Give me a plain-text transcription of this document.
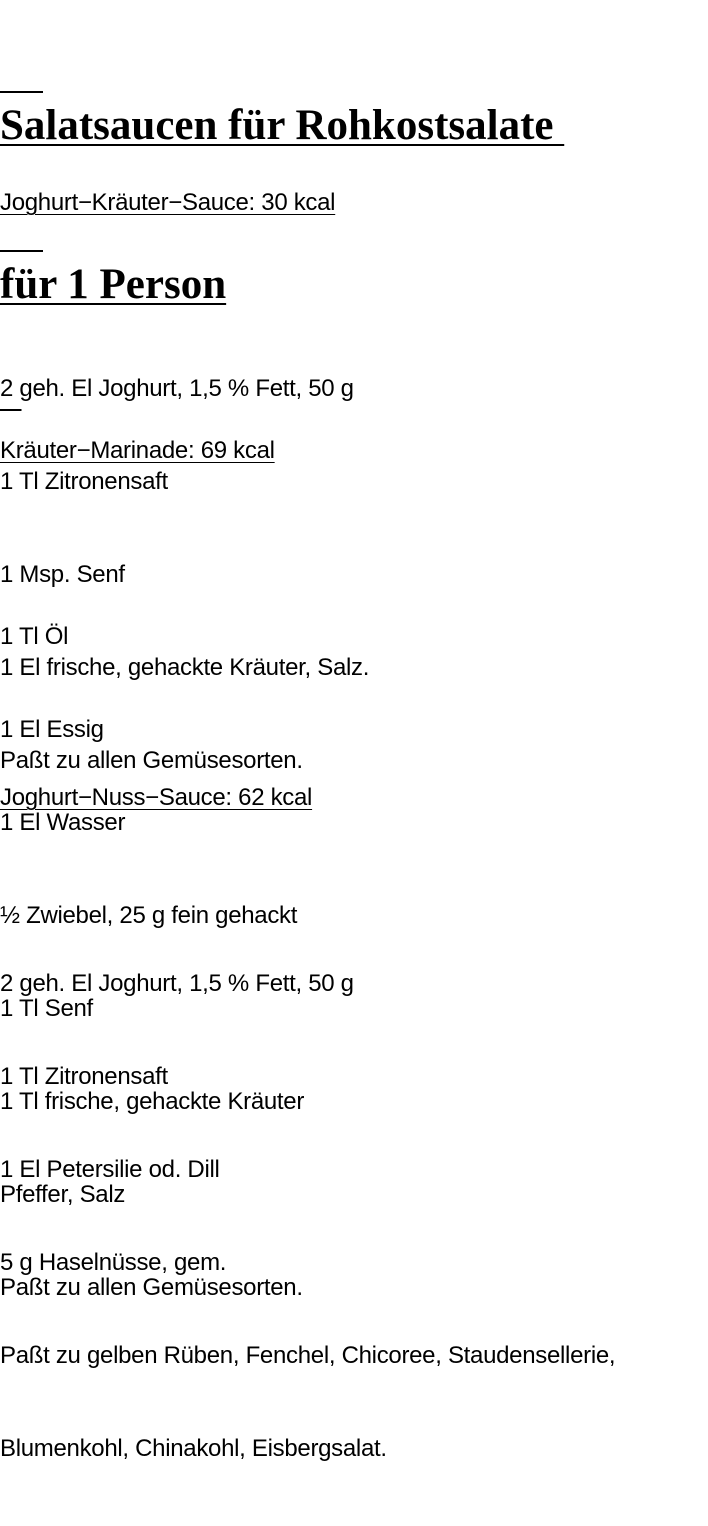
Salatsaucen für Rohkostsalate

für 1 Person

Joghurt−Kräuter−Sauce: 30 kcal

2 geh. El Joghurt, 1,5 % Fett, 50 g

1 Tl Zitronensaft

1 Msp. Senf

1 El frische, gehackte Kräuter, Salz.

Paßt zu allen Gemüsesorten.

Kräuter−Marinade: 69 kcal

1 Tl Öl

1 El Essig

1 El Wasser

½ Zwiebel, 25 g fein gehackt

1 Tl Senf

1 Tl frische, gehackte Kräuter

Pfeffer, Salz

Paßt zu allen Gemüsesorten.

Joghurt−Nuss−Sauce: 62 kcal

2 geh. El Joghurt, 1,5 % Fett, 50 g

1 Tl Zitronensaft

1 El Petersilie od. Dill

5 g Haselnüsse, gem.

Paßt zu gelben Rüben, Fenchel, Chicoree, Staudensellerie,

Blumenkohl, Chinakohl, Eisbergsalat.
